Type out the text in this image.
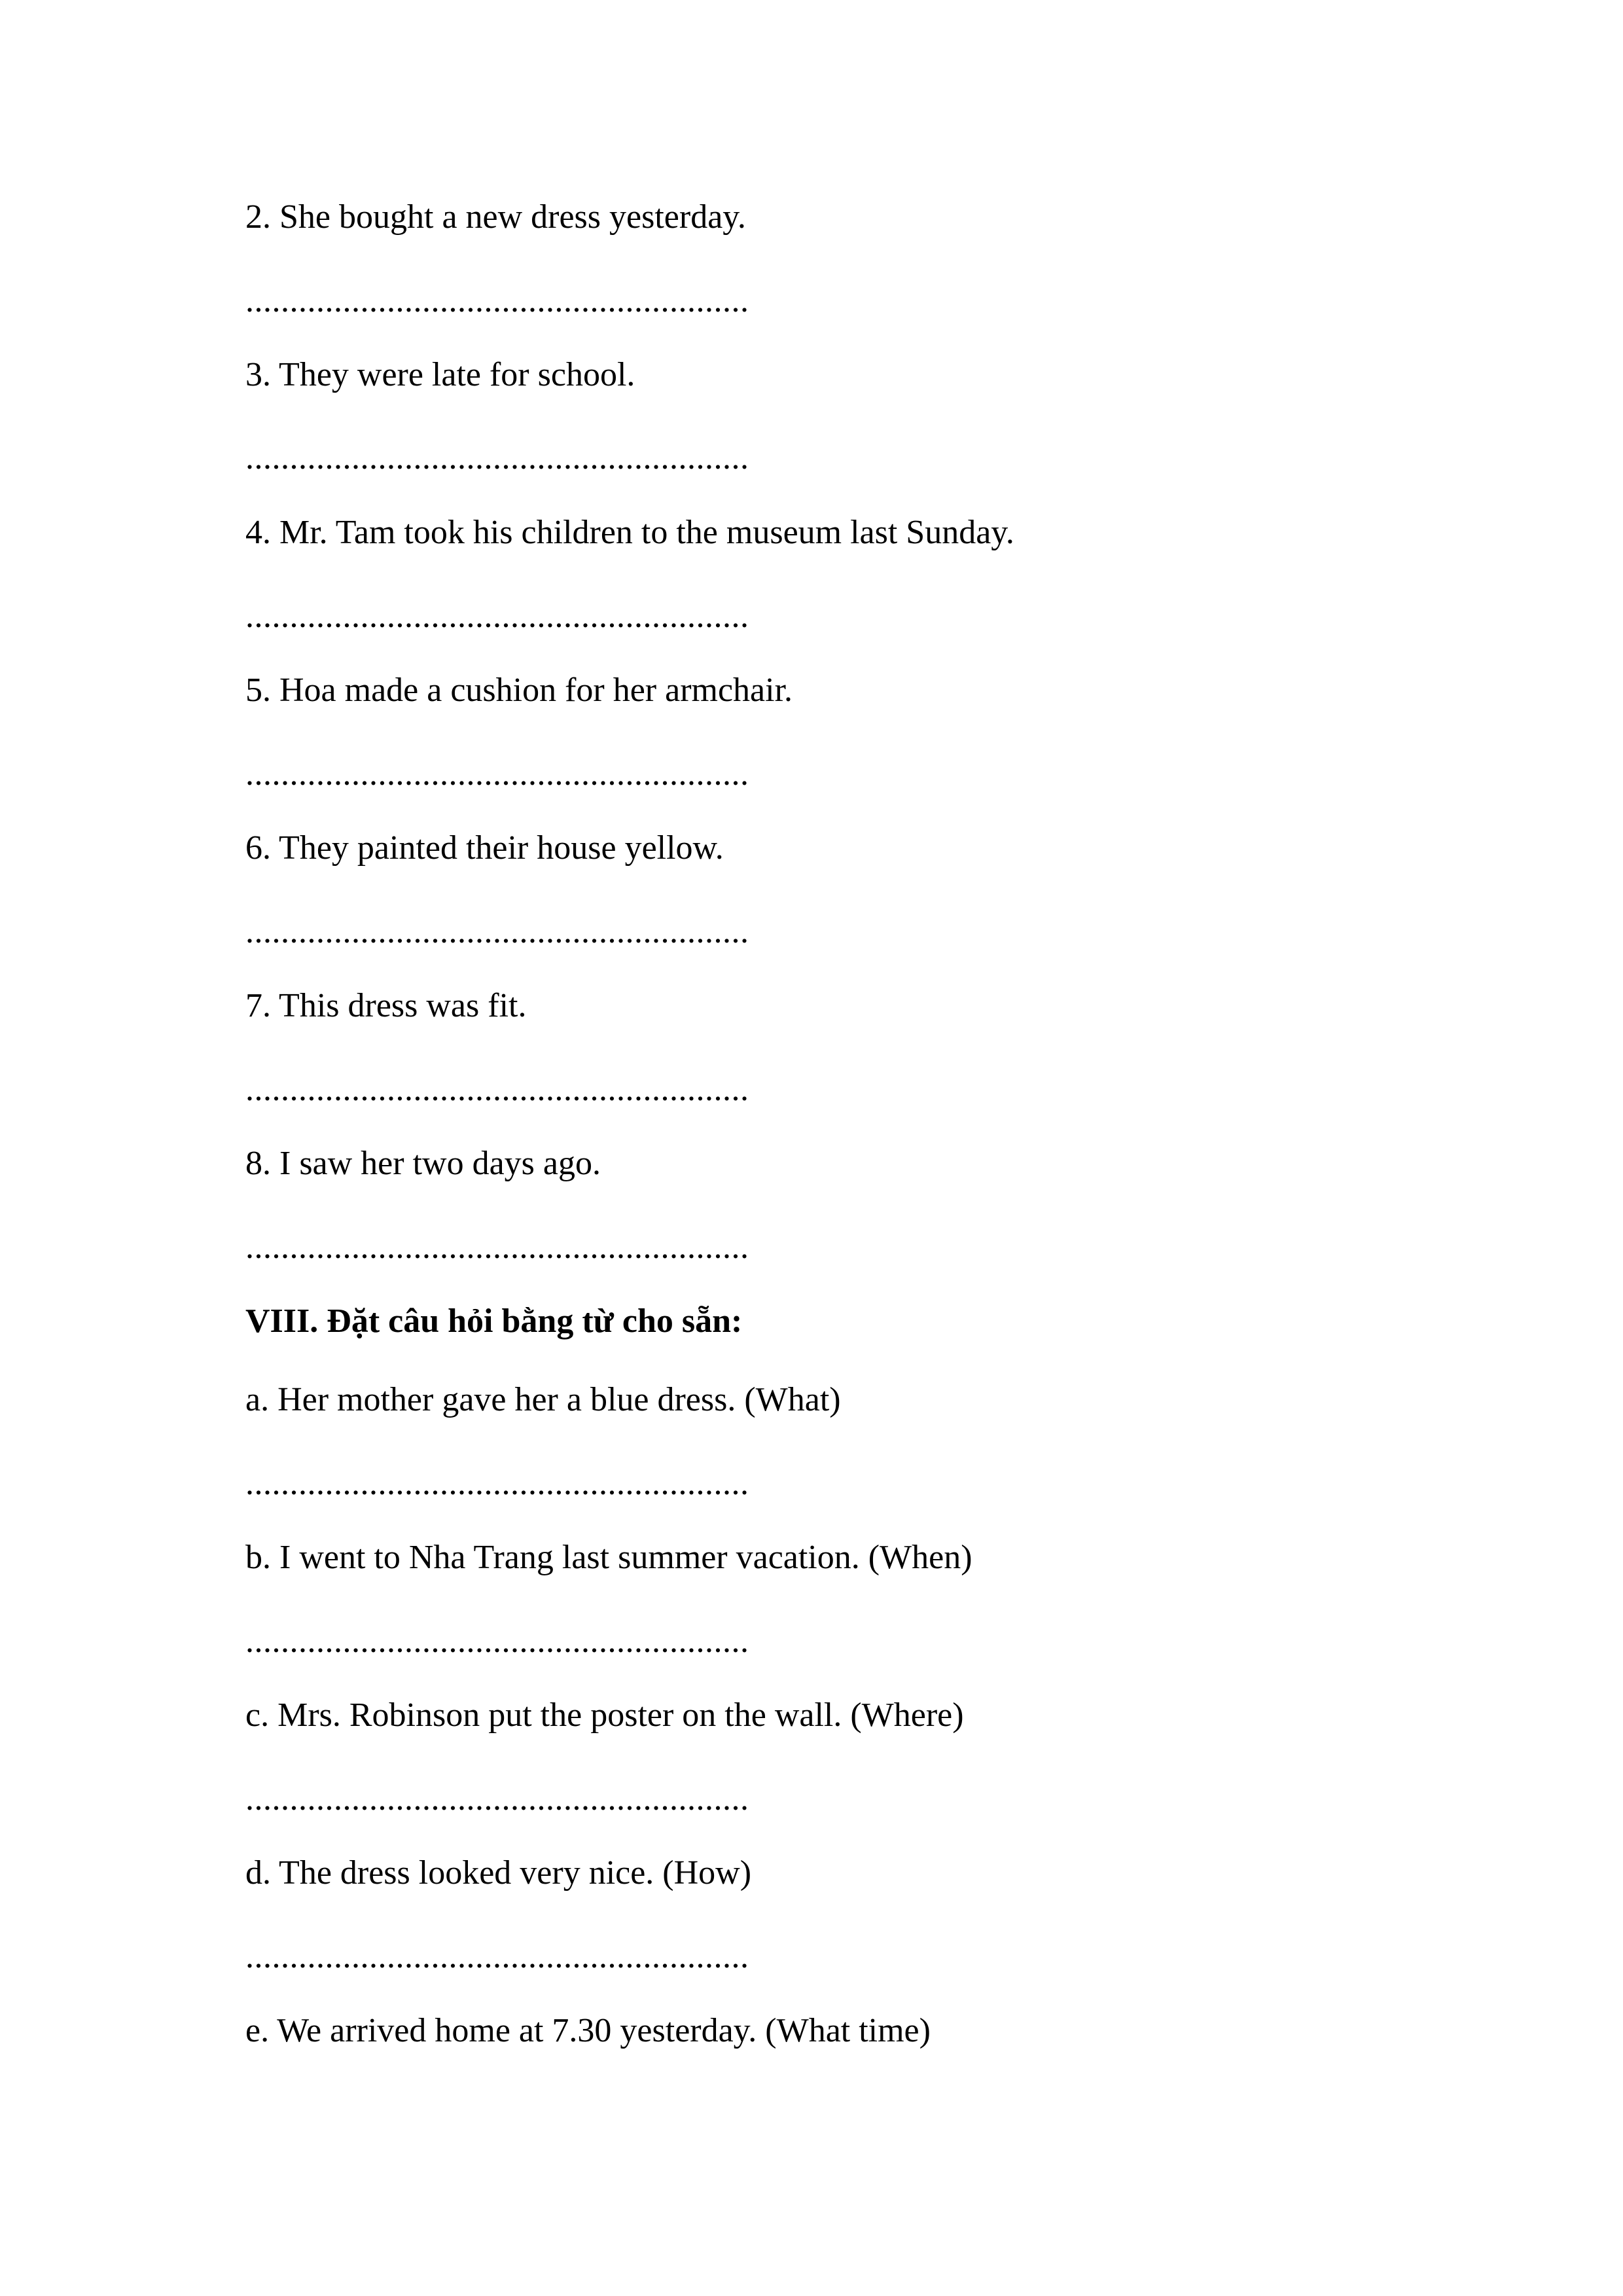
2. She bought a new dress yesterday.
.........................................................
3. They were late for school.
.........................................................
4. Mr. Tam took his children to the museum last Sunday.
.........................................................
5. Hoa made a cushion for her armchair.
.........................................................
6. They painted their house yellow.
.........................................................
7. This dress was fit.
.........................................................
8. I saw her two days ago.
.........................................................
VIII. Đặt câu hỏi bằng từ cho sẵn:
a. Her mother gave her a blue dress. (What)
.........................................................
b. I went to Nha Trang last summer vacation. (When)
.........................................................
c. Mrs. Robinson put the poster on the wall. (Where)
.........................................................
d. The dress looked very nice. (How)
.........................................................
e. We arrived home at 7.30 yesterday. (What time)
